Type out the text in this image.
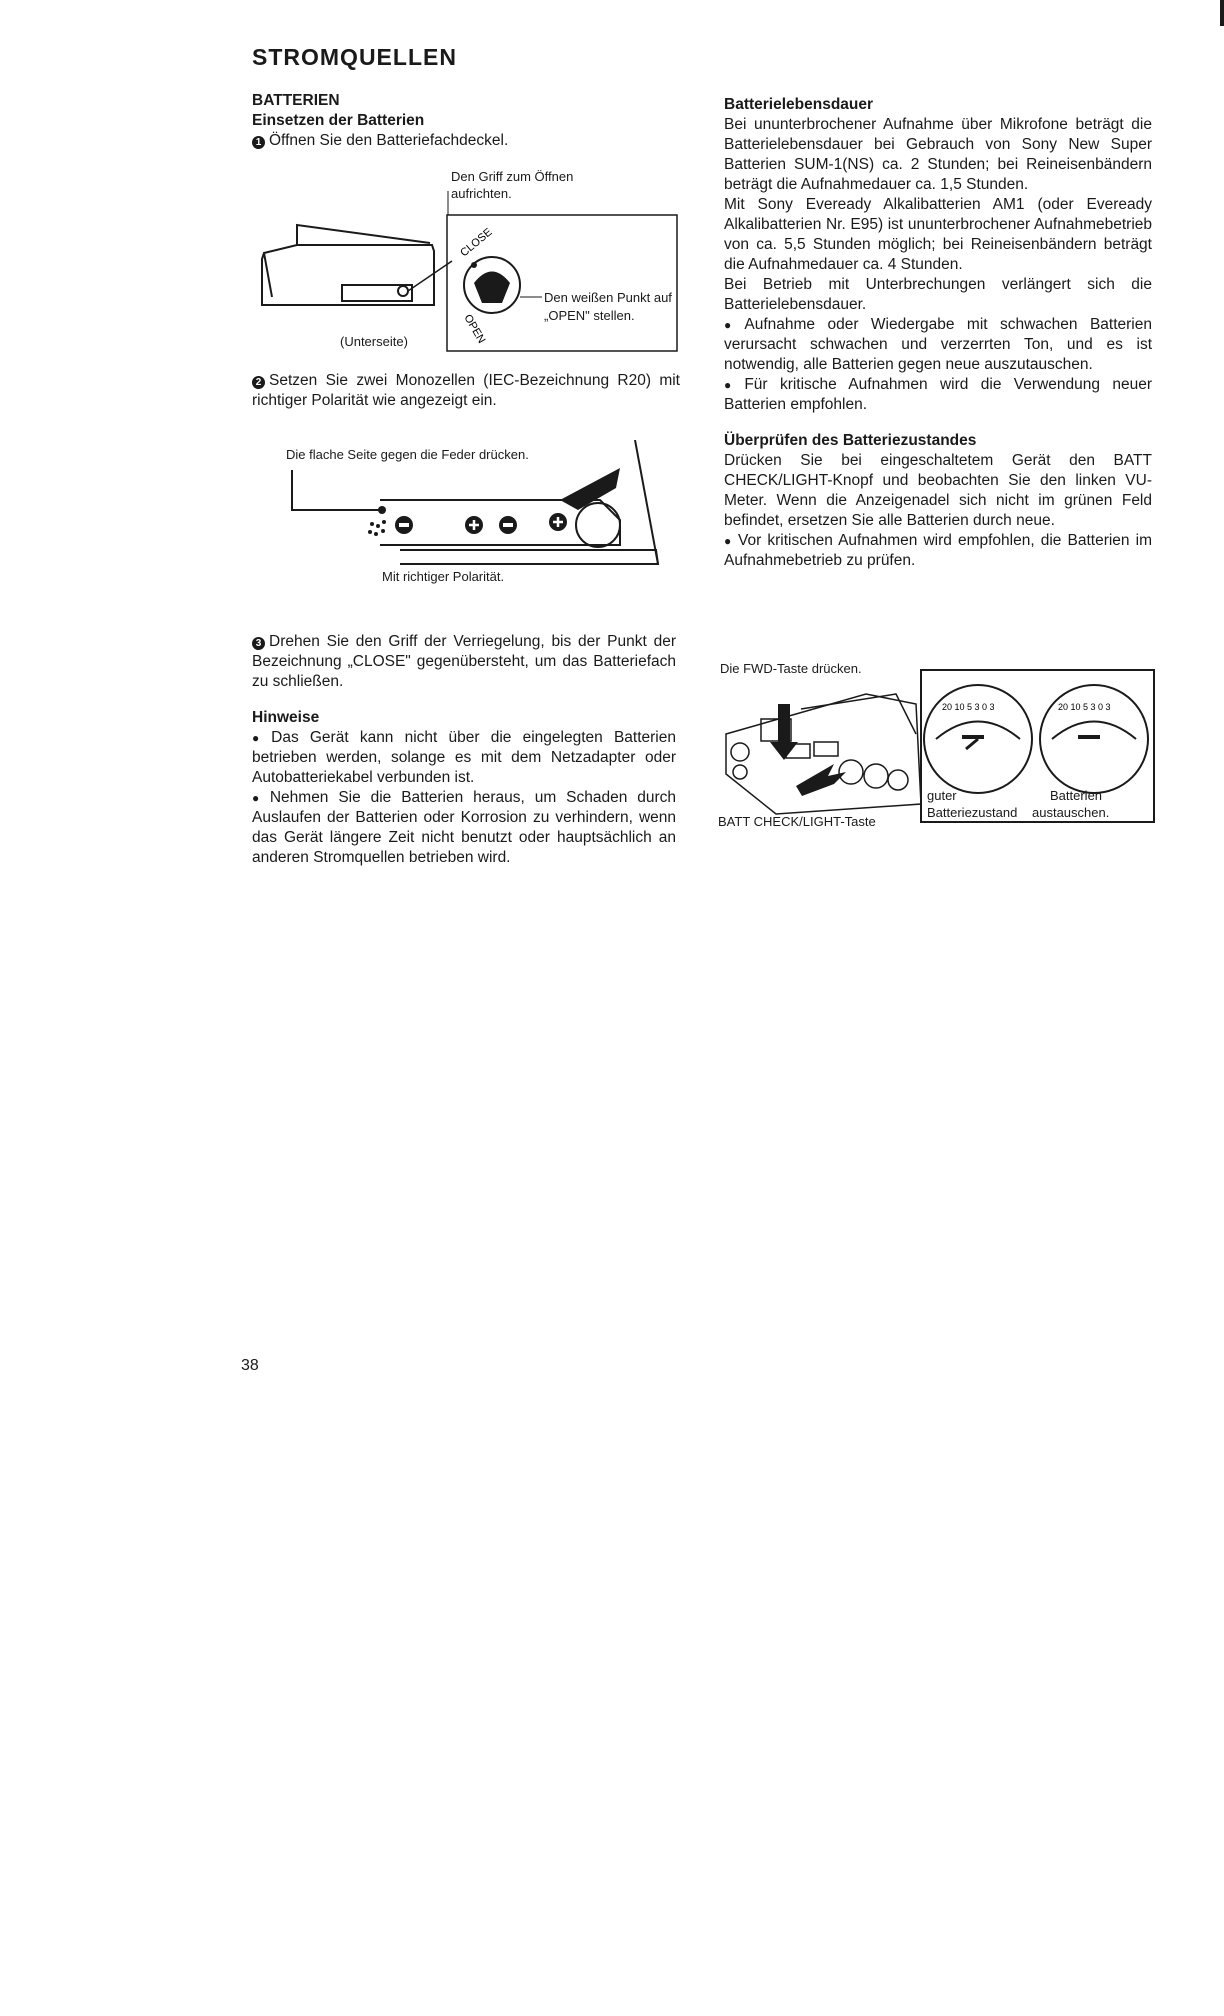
STROMQUELLEN

BATTERIEN

Einsetzen der Batterien

1 Öffnen Sie den Batteriefachdeckel.

CLOSE
OPEN
Den Griff zum Öffnen aufrichten.
Den weißen Punkt auf
„OPEN" stellen.
(Unterseite)

2 Setzen Sie zwei Monozellen (IEC-Bezeichnung R20) mit richtiger Polarität wie angezeigt ein.

Die flache Seite gegen die Feder drücken.
Mit richtiger Polarität.

3 Drehen Sie den Griff der Verriegelung, bis der Punkt der Bezeichnung „CLOSE" gegenübersteht, um das Batteriefach zu schließen.

Hinweise

● Das Gerät kann nicht über die eingelegten Batterien betrieben werden, solange es mit dem Netzadapter oder Autobatteriekabel verbunden ist.

● Nehmen Sie die Batterien heraus, um Schaden durch Auslaufen der Batterien oder Korrosion zu verhindern, wenn das Gerät längere Zeit nicht benutzt oder hauptsächlich an anderen Stromquellen betrieben wird.

Batterielebensdauer

Bei ununterbrochener Aufnahme über Mikrofone beträgt die Batterielebensdauer bei Gebrauch von Sony New Super Batterien SUM-1(NS) ca. 2 Stunden; bei Reineisenbändern beträgt die Aufnahmedauer ca. 1,5 Stunden.

Mit Sony Eveready Alkalibatterien AM1 (oder Eveready Alkalibatterien Nr. E95) ist ununterbrochener Aufnahmebetrieb von ca. 5,5 Stunden möglich; bei Reineisenbändern beträgt die Aufnahmedauer ca. 4 Stunden.

Bei Betrieb mit Unterbrechungen verlängert sich die Batterielebensdauer.

● Aufnahme oder Wiedergabe mit schwachen Batterien verursacht schwachen und verzerrten Ton, und es ist notwendig, alle Batterien gegen neue auszutauschen.

● Für kritische Aufnahmen wird die Verwendung neuer Batterien empfohlen.

Überprüfen des Batteriezustandes

Drücken Sie bei eingeschaltetem Gerät den BATT CHECK/LIGHT-Knopf und beobachten Sie den linken VU-Meter. Wenn die Anzeigenadel sich nicht im grünen Feld befindet, ersetzen Sie alle Batterien durch neue.

● Vor kritischen Aufnahmen wird empfohlen, die Batterien im Aufnahmebetrieb zu prüfen.

Die FWD-Taste drücken.
20 10 5 3 0 3	20 10 5 3 0 3
guter
Batteriezustand
Batterien
austauschen.
BATT CHECK/LIGHT-Taste
38
